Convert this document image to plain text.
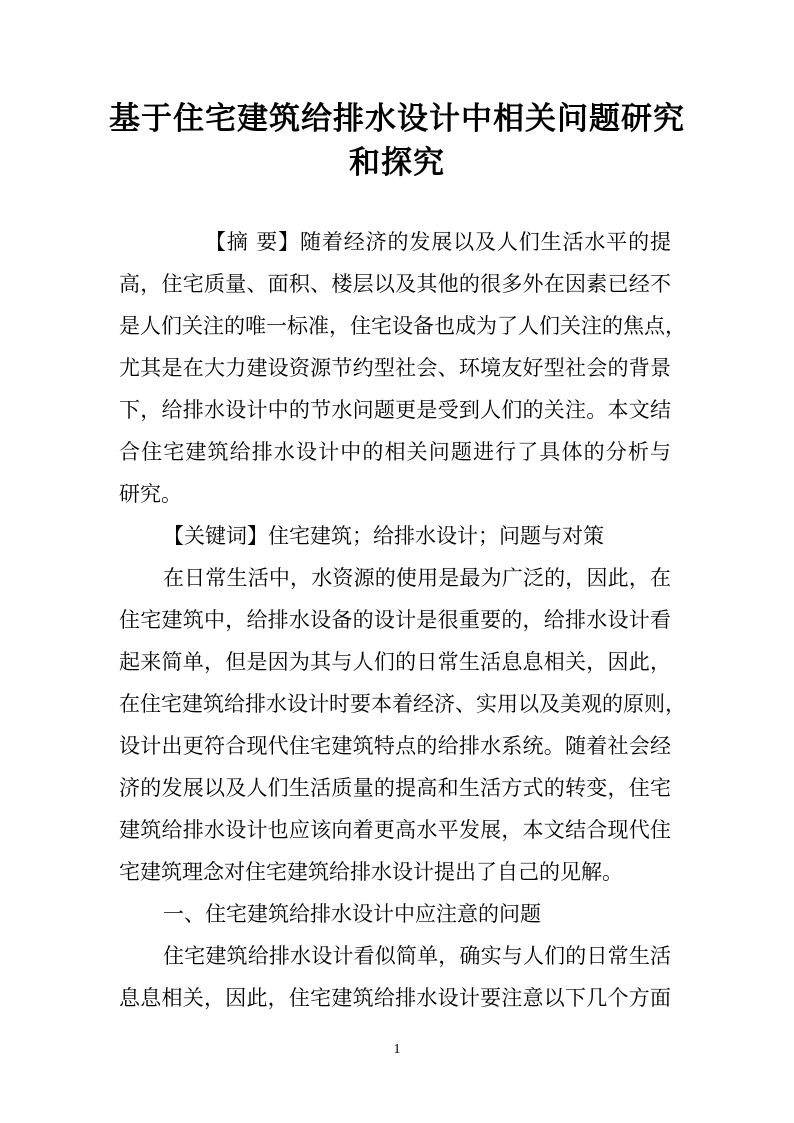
基于住宅建筑给排水设计中相关问题研究
和探究
【摘 要】随着经济的发展以及人们生活水平的提
高，住宅质量、面积、楼层以及其他的很多外在因素已经不
是人们关注的唯一标准，住宅设备也成为了人们关注的焦点，
尤其是在大力建设资源节约型社会、环境友好型社会的背景
下，给排水设计中的节水问题更是受到人们的关注。本文结
合住宅建筑给排水设计中的相关问题进行了具体的分析与
研究。
【关键词】住宅建筑；给排水设计；问题与对策
在日常生活中，水资源的使用是最为广泛的，因此，在
住宅建筑中，给排水设备的设计是很重要的，给排水设计看
起来简单，但是因为其与人们的日常生活息息相关，因此，
在住宅建筑给排水设计时要本着经济、实用以及美观的原则，
设计出更符合现代住宅建筑特点的给排水系统。随着社会经
济的发展以及人们生活质量的提高和生活方式的转变，住宅
建筑给排水设计也应该向着更高水平发展，本文结合现代住
宅建筑理念对住宅建筑给排水设计提出了自己的见解。
一、住宅建筑给排水设计中应注意的问题
住宅建筑给排水设计看似简单，确实与人们的日常生活
息息相关，因此，住宅建筑给排水设计要注意以下几个方面
1
